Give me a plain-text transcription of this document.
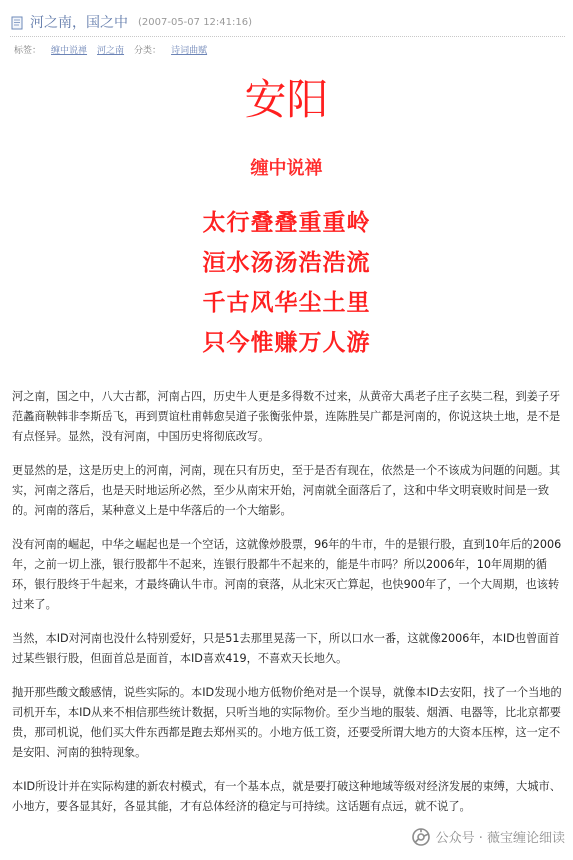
河之南，国之中 (2007-05-07 12:41:16)
标签： 缠中说禅 河之南 分类： 诗词曲赋
安阳
缠中说禅
太行叠叠重重岭
洹水汤汤浩浩流
千古风华尘土里
只今惟赚万人游

河之南，国之中，八大古都，河南占四，历史牛人更是多得数不过来，从黄帝大禹老子庄子玄奘二程，到姜子牙范蠡商鞅韩非李斯岳飞，再到贾谊杜甫韩愈吴道子张衡张仲景，连陈胜吴广都是河南的，你说这块土地，是不是有点怪异。显然，没有河南，中国历史将彻底改写。

更显然的是，这是历史上的河南，河南，现在只有历史，至于是否有现在，依然是一个不该成为问题的问题。其实，河南之落后，也是天时地运所必然，至少从南宋开始，河南就全面落后了，这和中华文明衰败时间是一致的。河南的落后，某种意义上是中华落后的一个大缩影。

没有河南的崛起，中华之崛起也是一个空话，这就像炒股票，96年的牛市，牛的是银行股，直到10年后的2006年，之前一切上涨，银行股都牛不起来，连银行股都牛不起来的，能是牛市吗？所以2006年，10年周期的循环，银行股终于牛起来，才最终确认牛市。河南的衰落，从北宋灭亡算起，也快900年了，一个大周期，也该转过来了。

当然，本ID对河南也没什么特别爱好，只是51去那里晃荡一下，所以口水一番，这就像2006年，本ID也曾面首过某些银行股，但面首总是面首，本ID喜欢419，不喜欢天长地久。

抛开那些酸文酸感情，说些实际的。本ID发现小地方低物价绝对是一个误导，就像本ID去安阳，找了一个当地的司机开车，本ID从来不相信那些统计数据，只听当地的实际物价。至少当地的服装、烟酒、电器等，比北京都要贵，那司机说，他们买大件东西都是跑去郑州买的。小地方低工资，还要受所谓大地方的大资本压榨，这一定不是安阳、河南的独特现象。

本ID所设计并在实际构建的新农村模式，有一个基本点，就是要打破这种地域等级对经济发展的束缚，大城市、小地方，要各显其好，各显其能，才有总体经济的稳定与可持续。这话题有点远，就不说了。

公众号 · 薇宝缠论细读
